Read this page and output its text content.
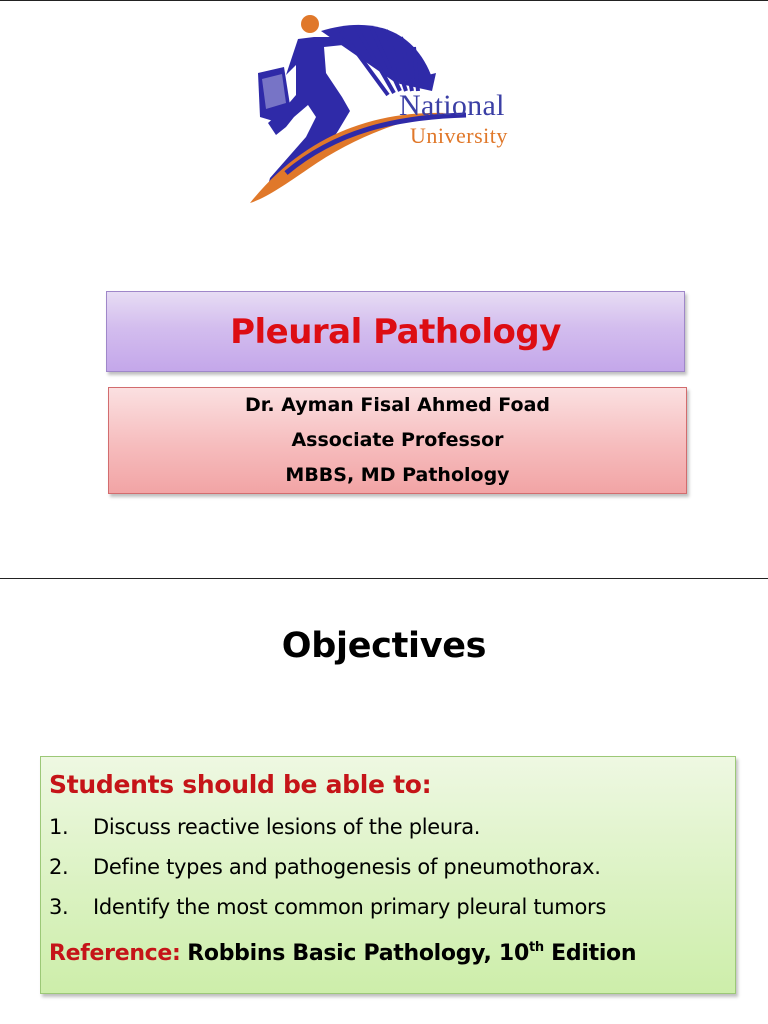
National
University
Pleural Pathology
Dr. Ayman Fisal Ahmed Foad
Associate Professor
MBBS, MD Pathology
Objectives
Students should be able to:
1.	Discuss reactive lesions of the pleura.
2.	Define types and pathogenesis of pneumothorax.
3.	Identify the most common primary pleural tumors
Reference: Robbins Basic Pathology, 10th Edition
